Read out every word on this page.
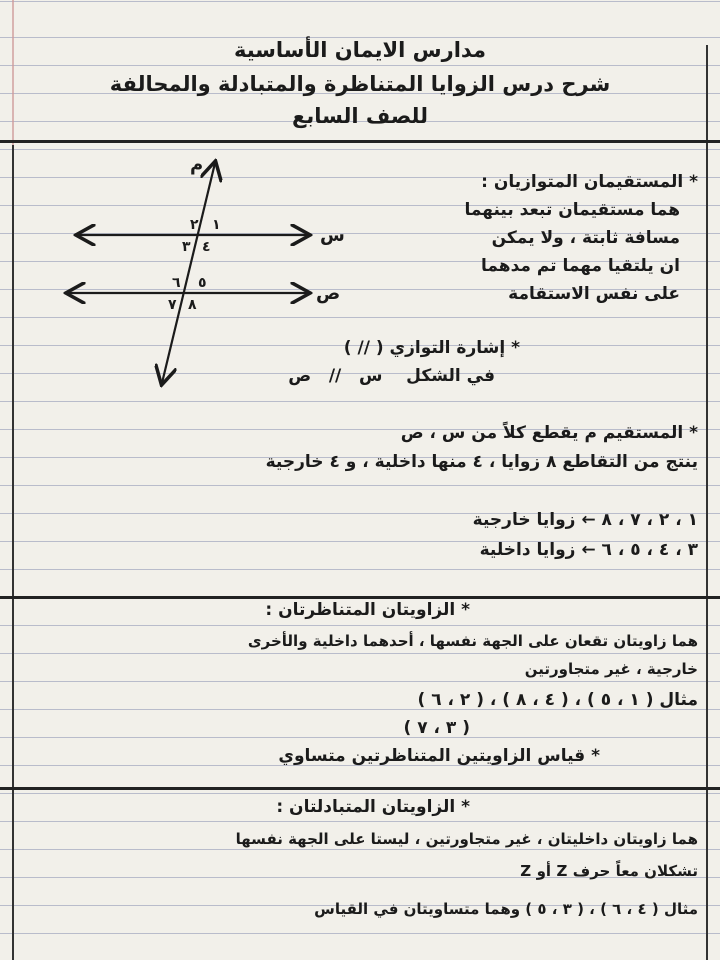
مدارس الايمان الأساسية
شرح درس الزوايا المتناظرة والمتبادلة والمحالفة
للصف السابع
م
س
ص
١
٢
٣ ٤
٥
٦
٧ ٨
* المستقيمان المتوازيان :
هما مستقيمان تبعد بينهما
مسافة ثابتة ، ولا يمكن
ان يلتقيا مهما تم مدهما
على نفس الاستقامة
* إشارة التوازي ( // )
في الشكل    س   //   ص
* المستقيم م يقطع كلاً من س ، ص
ينتج من التقاطع ٨ زوايا ، ٤ منها داخلية ، و ٤ خارجية
١ ، ٢ ، ٧ ، ٨ ← زوايا خارجية
٣ ، ٤ ، ٥ ، ٦ ← زوايا داخلية
* الزاويتان المتناظرتان :
هما زاويتان تقعان على الجهة نفسها ، أحدهما داخلية والأخرى
خارجية ، غير متجاورتين
مثال ( ١ ، ٥ ) ، ( ٤ ، ٨ ) ، ( ٢ ، ٦ )
( ٣ ، ٧ )
* قياس الزاويتين المتناظرتين متساوي
* الزاويتان المتبادلتان :
هما زاويتان داخليتان ، غير متجاورتين ، ليستا على الجهة نفسها
تشكلان معاً حرف Z أو Z
مثال ( ٤ ، ٦ ) ، ( ٣ ، ٥ ) وهما متساويتان في القياس
